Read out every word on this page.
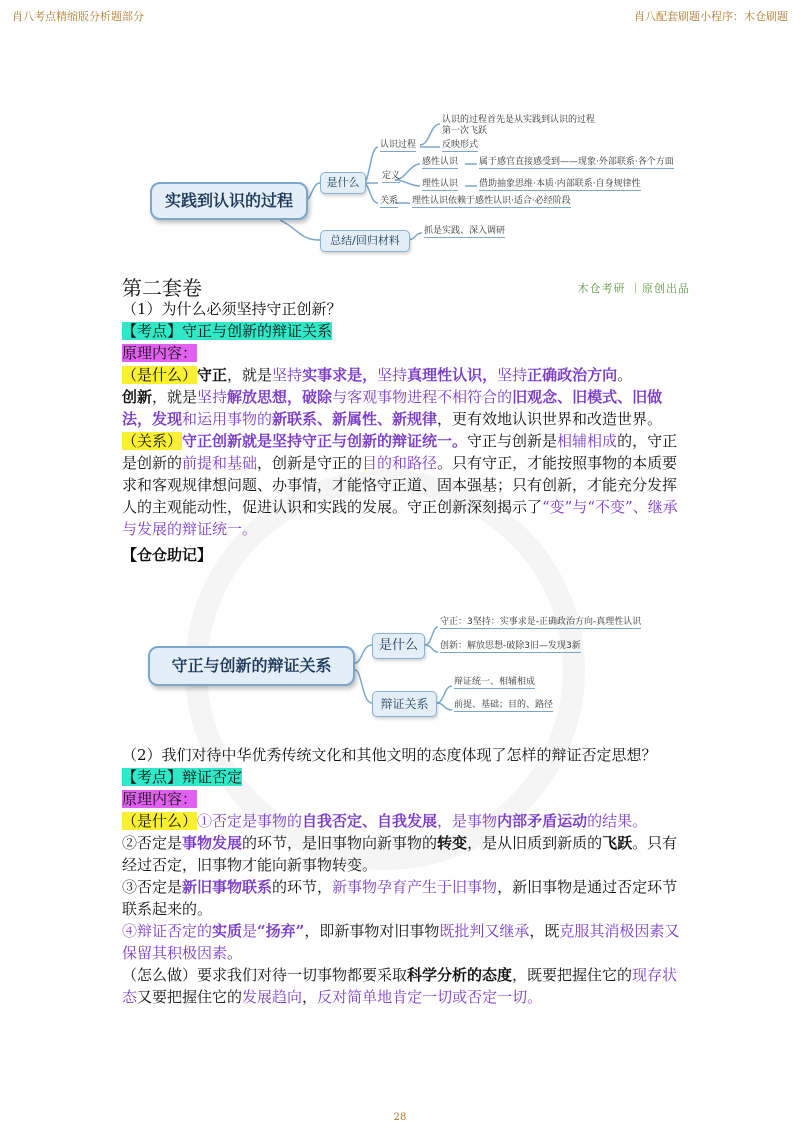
肖八考点精缩版分析题部分	肖八配套刷题小程序：木仓刷题
实践到认识的过程
是什么
总结/回归材料
认识过程
认识的过程首先是从实践到认识的过程
第一次飞跃
反映形式
定义
感性认识 属于感官直接感受到——现象·外部联系·各个方面
理性认识 借助抽象思维·本质·内部联系·自身规律性
关系 理性认识依赖于感性认识·适合·必经阶段
抓是实践、深入调研
第二套卷	木仓考研 ｜原创出品

（1）为什么必须坚持守正创新？

【考点】守正与创新的辩证关系

原理内容：

（是什么）守正，就是坚持实事求是，坚持真理性认识，坚持正确政治方向。

创新，就是坚持解放思想，破除与客观事物进程不相符合的旧观念、旧模式、旧做法，发现和运用事物的新联系、新属性、新规律，更有效地认识世界和改造世界。

（关系）守正创新就是坚持守正与创新的辩证统一。守正与创新是相辅相成的，守正是创新的前提和基础，创新是守正的目的和路径。只有守正，才能按照事物的本质要求和客观规律想问题、办事情，才能恪守正道、固本强基；只有创新，才能充分发挥人的主观能动性，促进认识和实践的发展。守正创新深刻揭示了“变”与“不变”、继承与发展的辩证统一。

【仓仓助记】

守正与创新的辩证关系
是什么
辩证关系
守正：3坚持：实事求是-正确政治方向-真理性认识
创新：解放思想-破除3旧—发现3新
辩证统一、相辅相成
前提、基础；目的、路径

（2）我们对待中华优秀传统文化和其他文明的态度体现了怎样的辩证否定思想？

【考点】辩证否定

原理内容：

（是什么）①否定是事物的自我否定、自我发展，是事物内部矛盾运动的结果。

②否定是事物发展的环节，是旧事物向新事物的转变，是从旧质到新质的飞跃。只有经过否定，旧事物才能向新事物转变。

③否定是新旧事物联系的环节，新事物孕育产生于旧事物，新旧事物是通过否定环节联系起来的。

④辩证否定的实质是“扬弃”，即新事物对旧事物既批判又继承，既克服其消极因素又保留其积极因素。

（怎么做）要求我们对待一切事物都要采取科学分析的态度，既要把握住它的现存状态又要把握住它的发展趋向，反对简单地肯定一切或否定一切。

28
